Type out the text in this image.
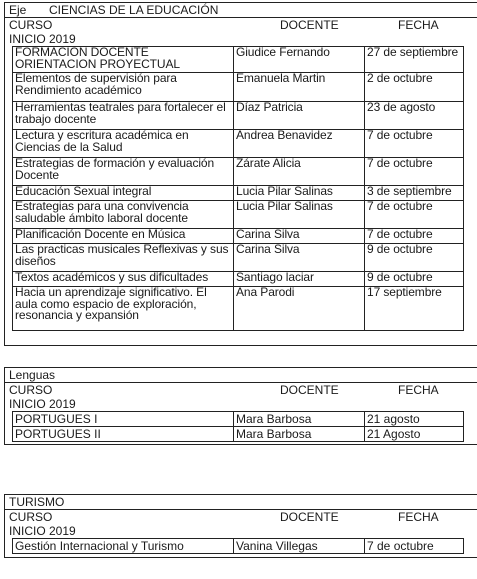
Eje CIENCIAS DE LA EDUCACIÓN
CURSO	DOCENTE	FECHA
INICIO 2019
FORMACION DOCENTE ORIENTACION PROYECTUAL	Giudice Fernando	27 de septiembre
Elementos de supervisión para Rendimiento académico	Emanuela Martin	2 de octubre
Herramientas teatrales para fortalecer el trabajo docente	Díaz Patricia	23 de agosto
Lectura y escritura académica en Ciencias de la Salud	Andrea Benavidez	7 de octubre
Estrategias de formación y evaluación Docente	Zárate Alicia	7 de octubre
Educación Sexual integral	Lucia Pilar Salinas	3 de septiembre
Estrategias para una convivencia saludable ámbito laboral docente	Lucia Pilar Salinas	7 de octubre
Planificación Docente en Música	Carina Silva	7 de octubre
Las practicas musicales Reflexivas y sus diseños	Carina Silva	9 de octubre
Textos académicos y sus dificultades	Santiago laciar	9 de octubre
Hacia un aprendizaje significativo. El aula como espacio de exploración, resonancia y expansión	Ana Parodi	17 septiembre
Lenguas
CURSO	DOCENTE	FECHA
INICIO 2019
PORTUGUES I	Mara Barbosa	21 agosto
PORTUGUES II	Mara Barbosa	21 Agosto
TURISMO
CURSO	DOCENTE	FECHA
INICIO 2019
Gestión Internacional y Turismo	Vanina Villegas	7 de octubre
